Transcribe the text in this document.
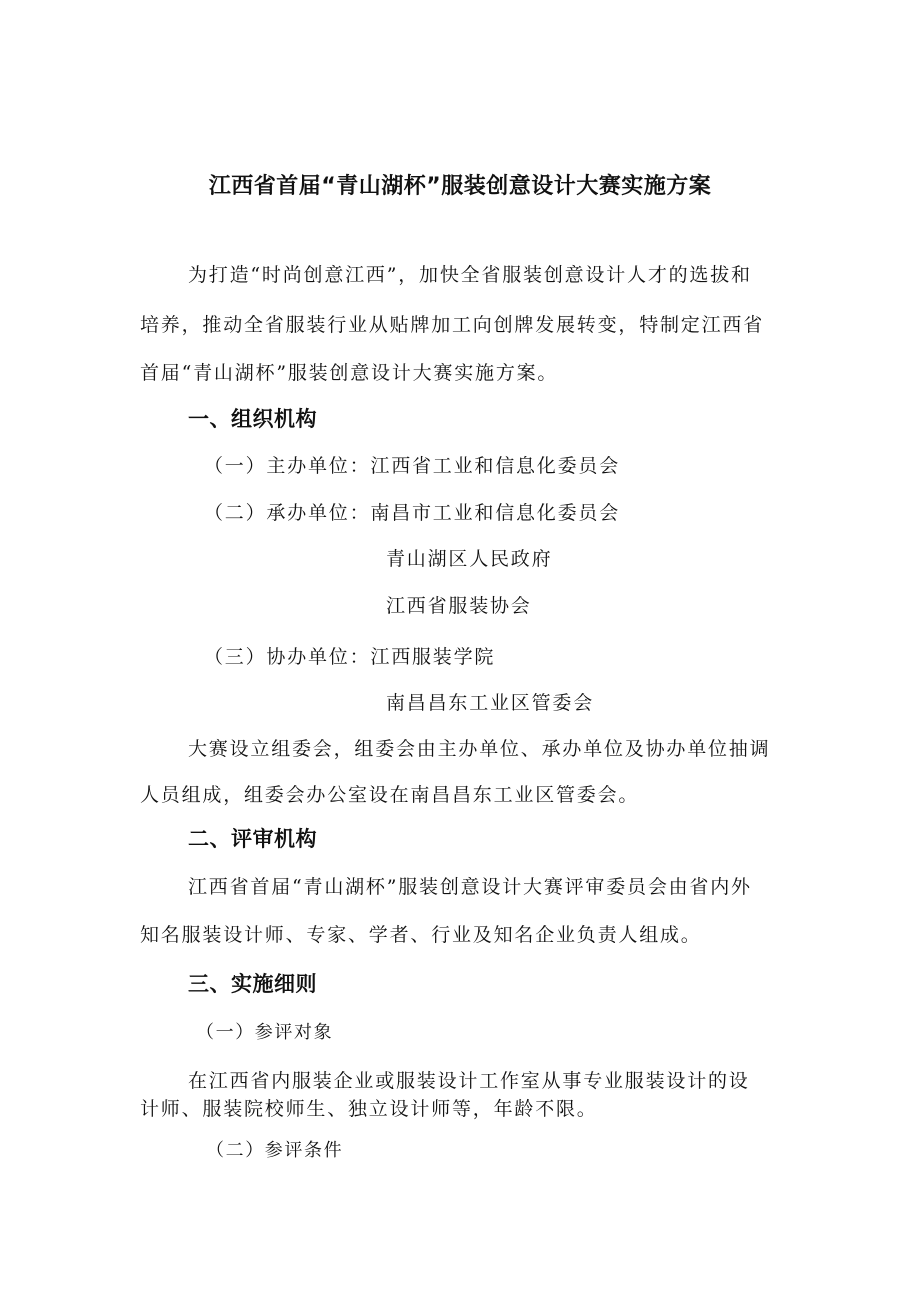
江西省首届“青山湖杯”服装创意设计大赛实施方案
为打造“时尚创意江西”，加快全省服装创意设计人才的选拔和
培养，推动全省服装行业从贴牌加工向创牌发展转变，特制定江西省
首届“青山湖杯”服装创意设计大赛实施方案。
一、组织机构
（一）主办单位：江西省工业和信息化委员会
（二）承办单位：南昌市工业和信息化委员会
青山湖区人民政府
江西省服装协会
（三）协办单位：江西服装学院
南昌昌东工业区管委会
大赛设立组委会，组委会由主办单位、承办单位及协办单位抽调
人员组成，组委会办公室设在南昌昌东工业区管委会。
二、评审机构
江西省首届“青山湖杯”服装创意设计大赛评审委员会由省内外
知名服装设计师、专家、学者、行业及知名企业负责人组成。
三、实施细则
（一）参评对象
在江西省内服装企业或服装设计工作室从事专业服装设计的设
计师、服装院校师生、独立设计师等，年龄不限。
（二）参评条件
